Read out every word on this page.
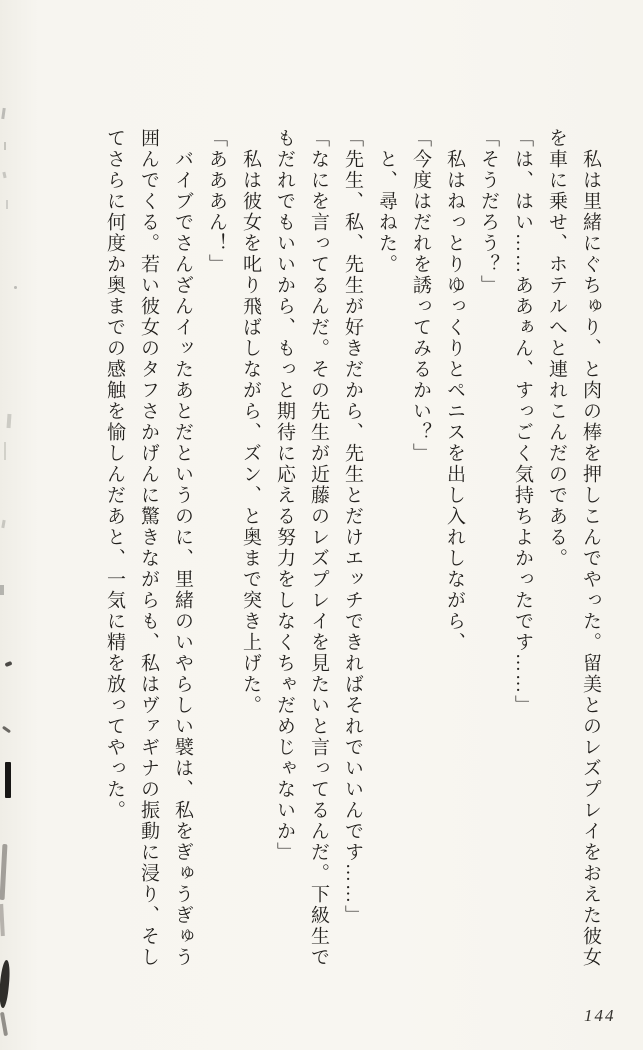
　私は里緒にぐちゅり、と肉の棒を押しこんでやった。留美とのレズプレイをおえた彼女を車に乗せ、ホテルへと連れこんだのである。

「は、はい……ああぁん、すっごく気持ちよかったです……」

「そうだろう？」

　私はねっとりゆっくりとペニスを出し入れしながら、

「今度はだれを誘ってみるかい？」

　と、尋ねた。

「先生、私、先生が好きだから、先生とだけエッチできればそれでいいんです……」

「なにを言ってるんだ。その先生が近藤のレズプレイを見たいと言ってるんだ。下級生でもだれでもいいから、もっと期待に応える努力をしなくちゃだめじゃないか」

　私は彼女を叱り飛ばしながら、ズン、と奥まで突き上げた。

「あああん！」

　バイブでさんざんイッたあとだというのに、里緒のいやらしい襞は、私をぎゅうぎゅう囲んでくる。若い彼女のタフさかげんに驚きながらも、私はヴァギナの振動に浸り、そしてさらに何度か奥までの感触を愉しんだあと、一気に精を放ってやった。

144
